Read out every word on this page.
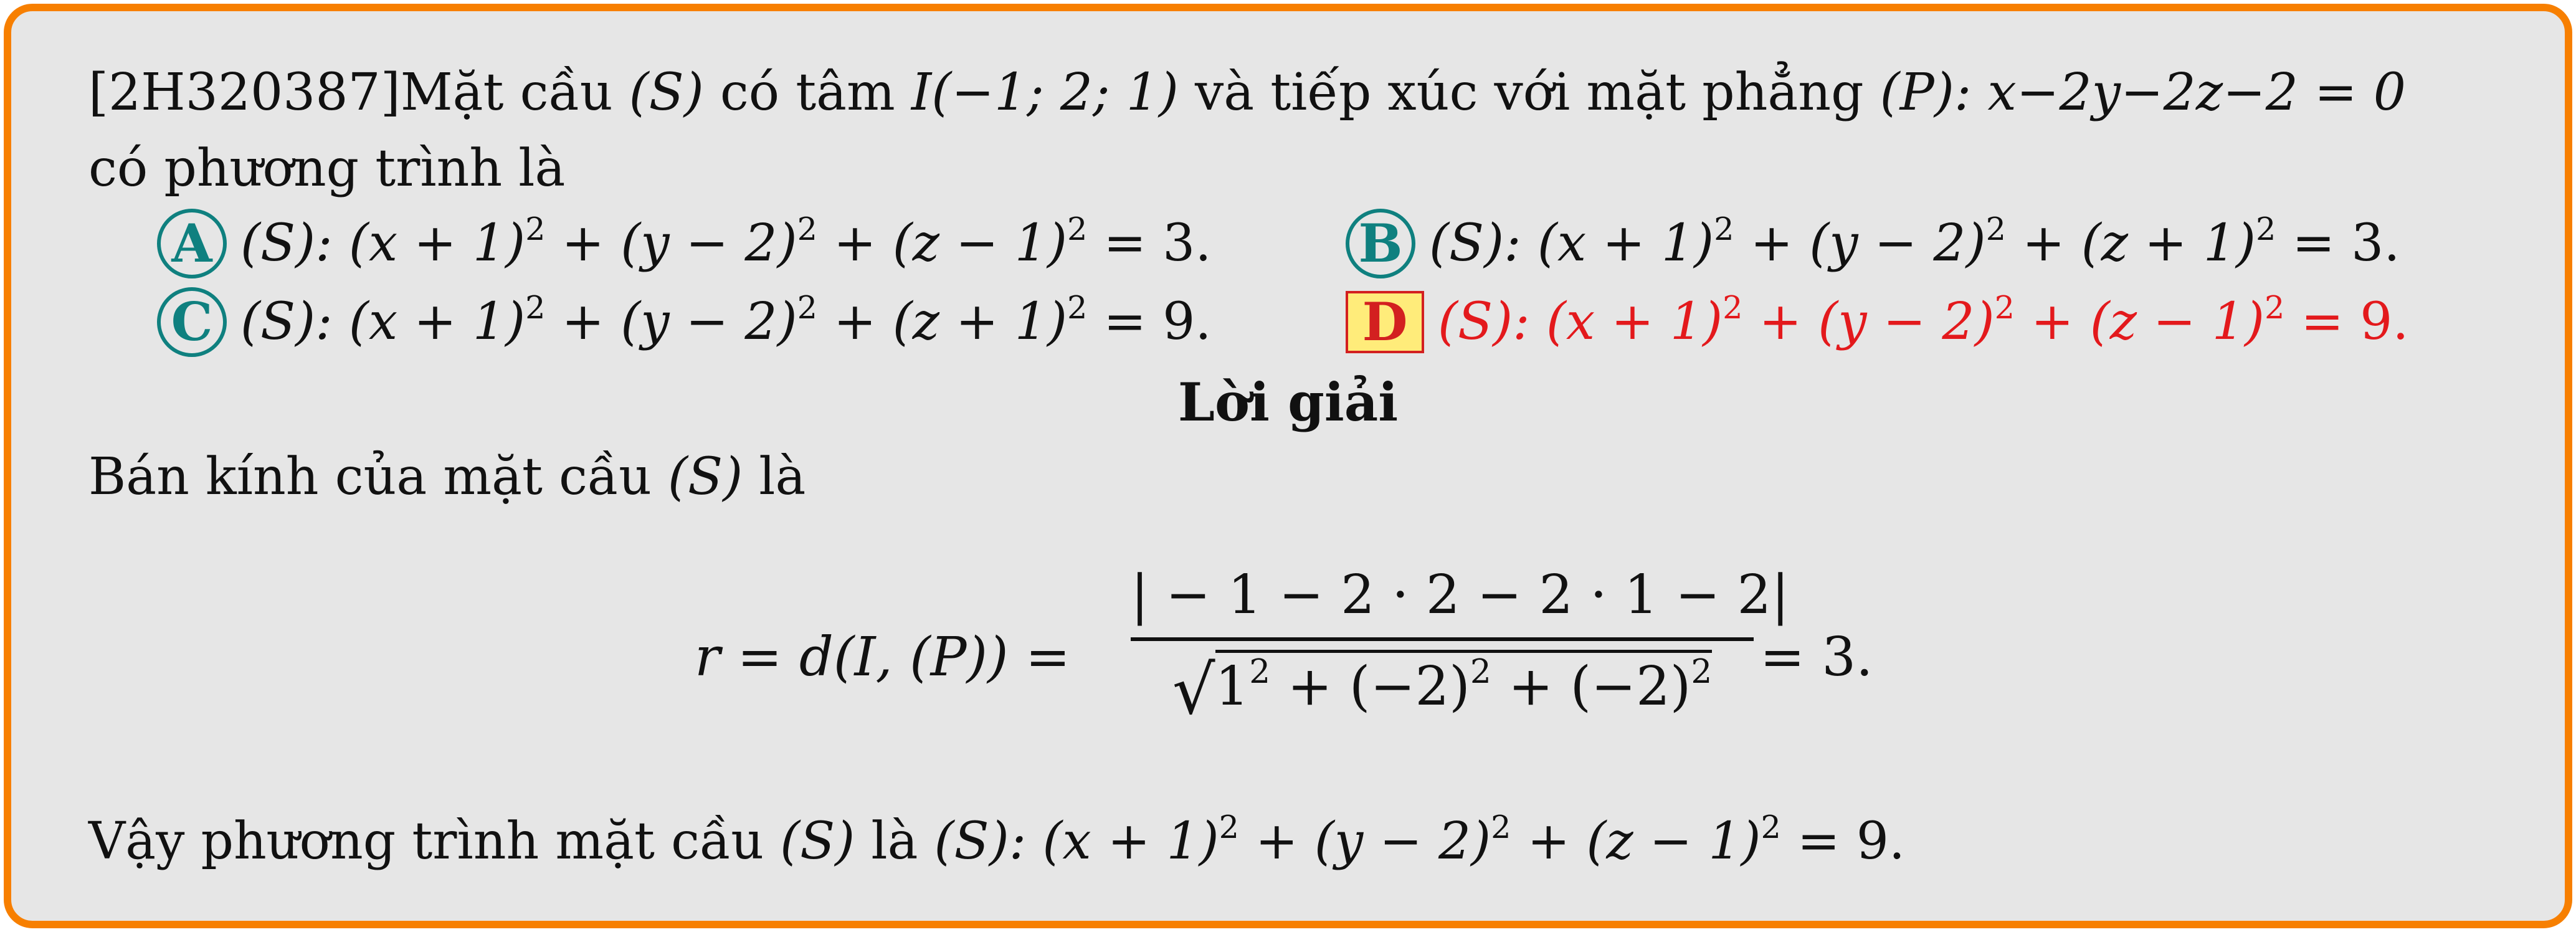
[2H320387]Mặt cầu (S) có tâm I(−1; 2; 1) và tiếp xúc với mặt phẳng (P): x−2y−2z−2 = 0
có phương trình là
A (S): $(x + 1)^2 + (y - 2)^2 + (z - 1)^2 = 3$.	B (S): $(x + 1)^2 + (y - 2)^2 + (z + 1)^2 = 3$.
C (S): $(x + 1)^2 + (y - 2)^2 + (z + 1)^2 = 9$.	D (S): $(x + 1)^2 + (y - 2)^2 + (z - 1)^2 = 9$.
Lời giải
Bán kính của mặt cầu (S) là
r = d(I, (P)) =
| − 1 − 2 · 2 − 2 · 1 − 2|
$√1^2 + (-2)^2 + (-2)^2 = 3$.
Vậy phương trình mặt cầu (S) là (S): $(x + 1)^2 + (y - 2)^2 + (z - 1)^2 = 9$.
